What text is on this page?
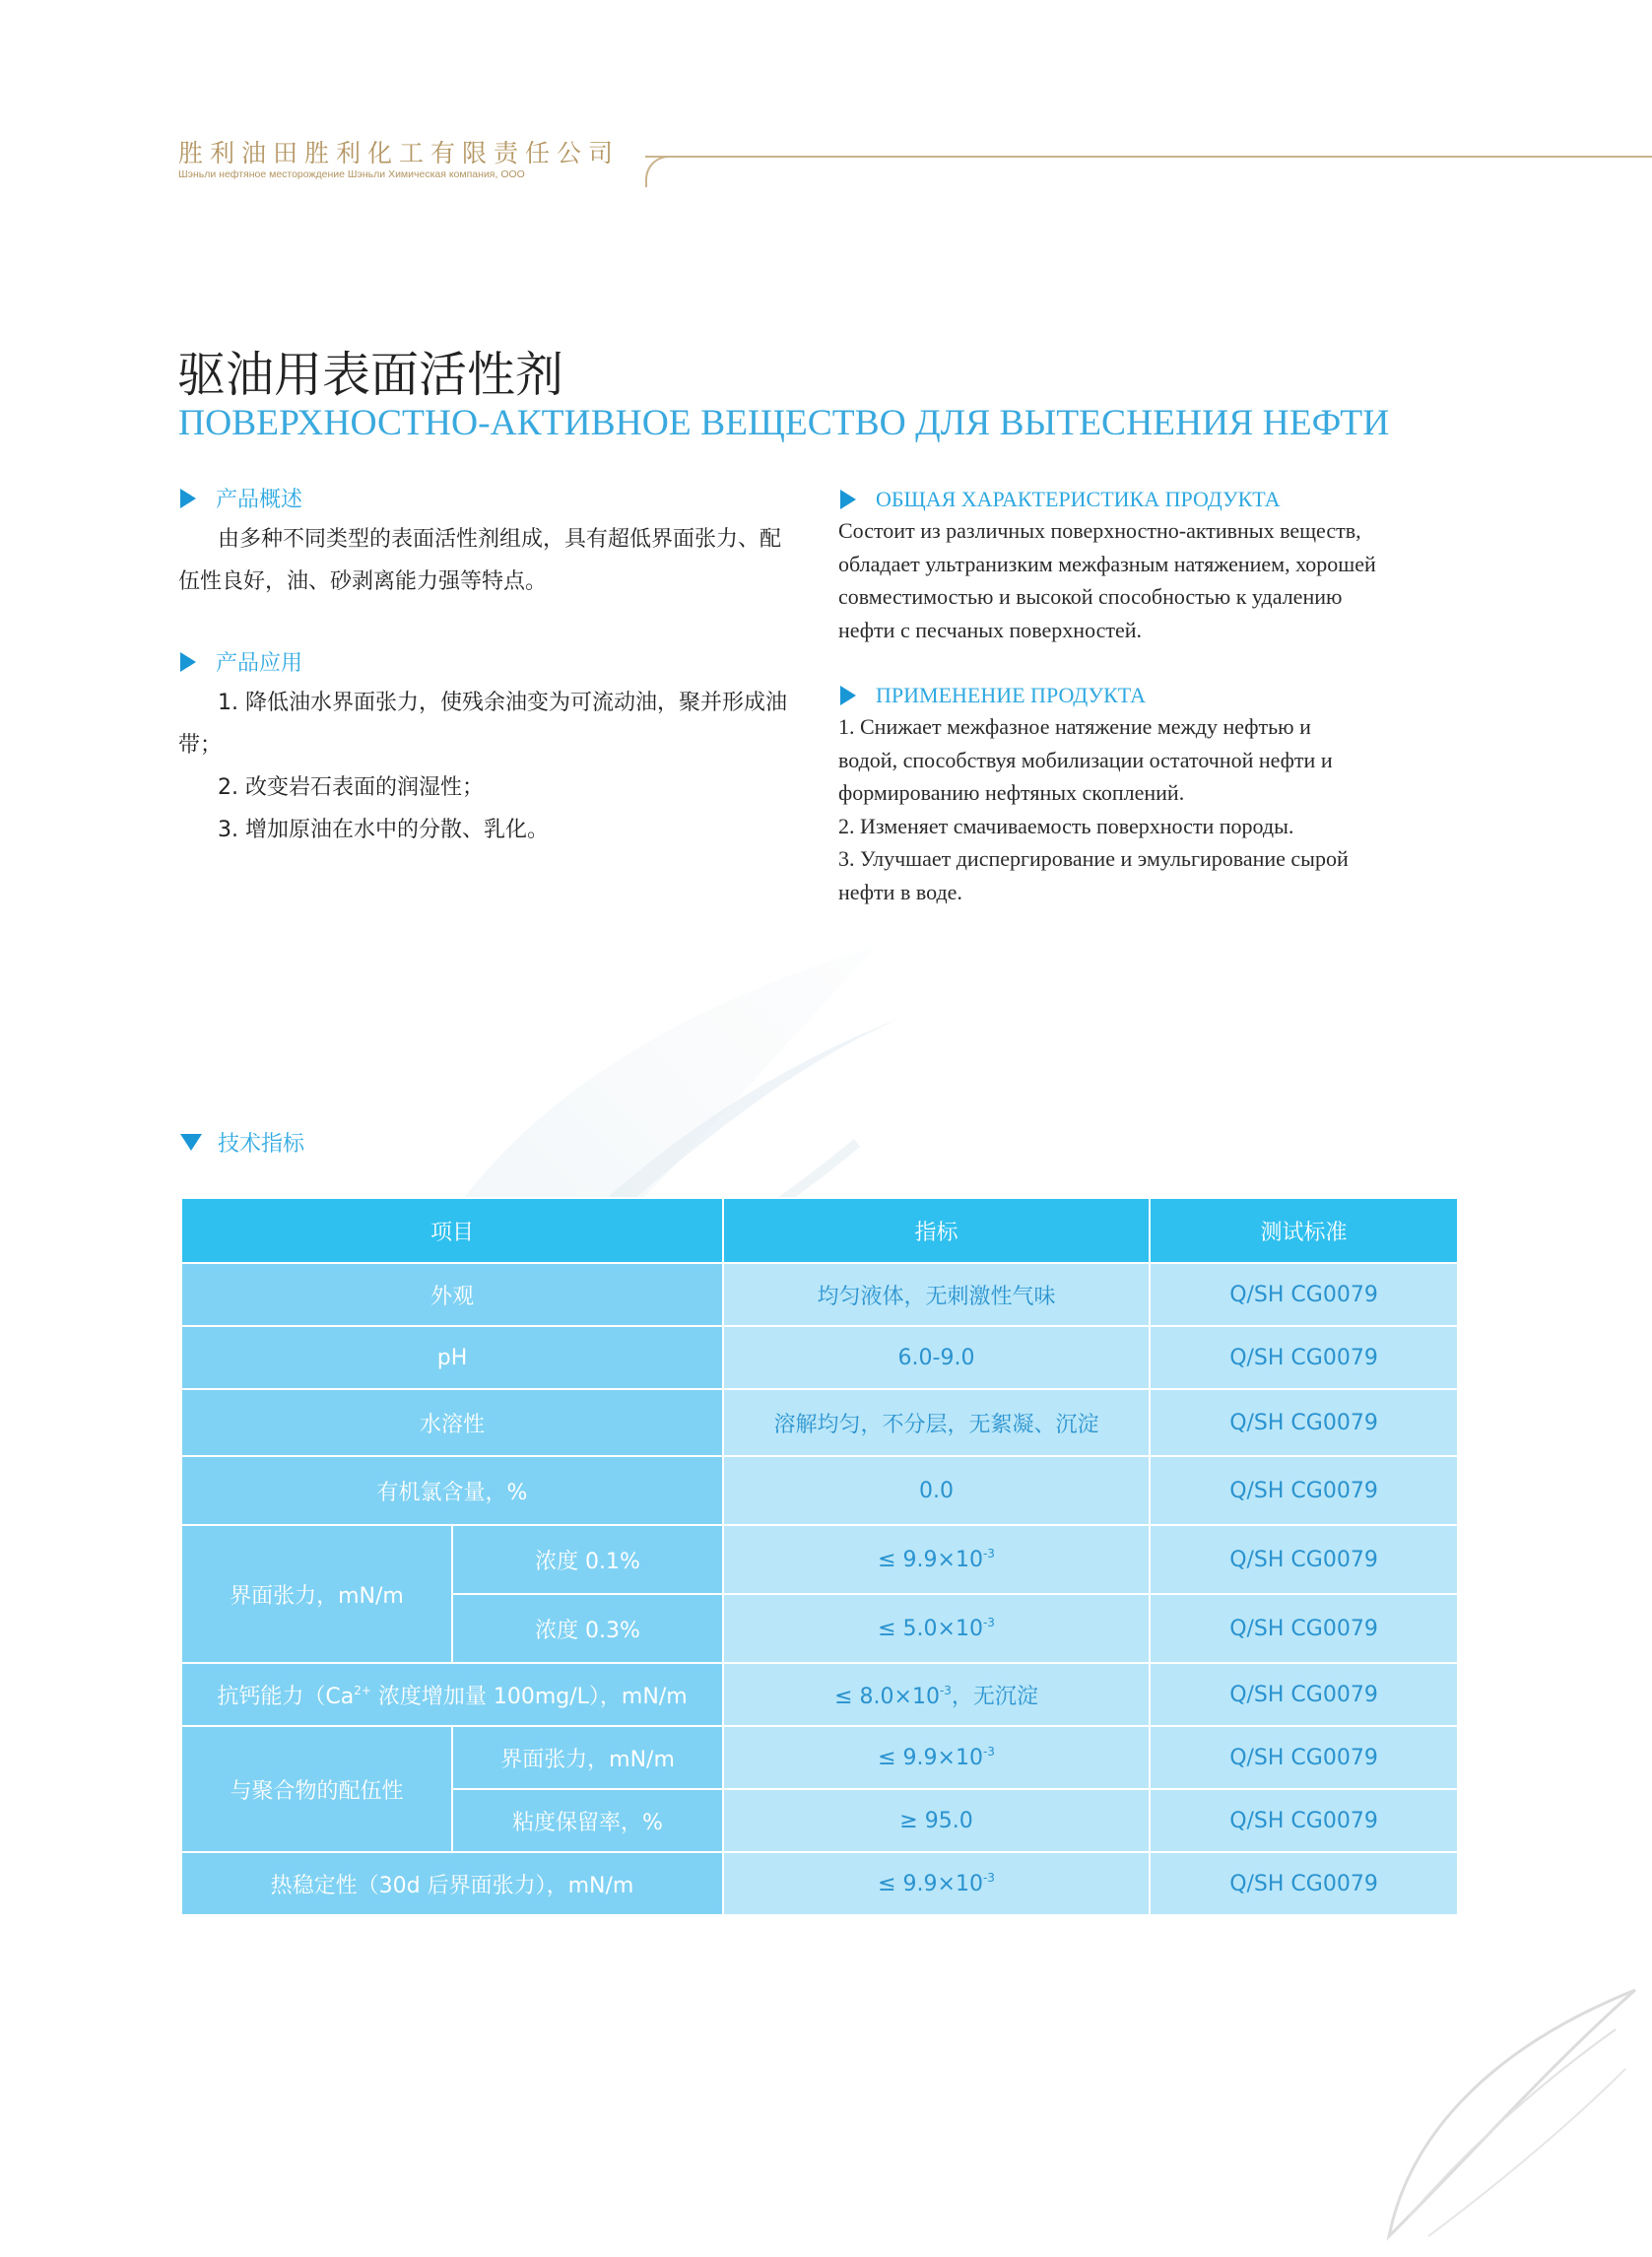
胜利油田胜利化工有限责任公司
Шэньли нефтяное месторождение Шэньли Химическая компания, ООО
驱油用表面活性剂
ПОВЕРХНОСТНО-АКТИВНОЕ ВЕЩЕСТВО ДЛЯ ВЫТЕСНЕНИЯ НЕФТИ
产品概述
由多种不同类型的表面活性剂组成，具有超低界面张力、配伍性良好，油、砂剥离能力强等特点。
产品应用

1. 降低油水界面张力，使残余油变为可流动油，聚并形成油带；

2. 改变岩石表面的润湿性；

3. 增加原油在水中的分散、乳化。

ОБЩАЯ ХАРАКТЕРИСТИКА ПРОДУКТА

Состоит из различных поверхностно-активных веществ,

обладает ультранизким межфазным натяжением, хорошей

совместимостью и высокой способностью к удалению

нефти с песчаных поверхностей.

ПРИМЕНЕНИЕ ПРОДУКТА

1. Снижает межфазное натяжение между нефтью и

водой, способствуя мобилизации остаточной нефти и

формированию нефтяных скоплений.

2. Изменяет смачиваемость поверхности породы.

3. Улучшает диспергирование и эмульгирование сырой

нефти в воде.

技术指标
项目		指标	测试标准
外观		均匀液体，无刺激性气味	Q/SH CG0079
pH		6.0-9.0	Q/SH CG0079
水溶性		溶解均匀，不分层，无絮凝、沉淀	Q/SH CG0079
有机氯含量，%		0.0	Q/SH CG0079
界面张力，mN/m	浓度 0.1%	≤ $9.9\times 10^{-3}$	Q/SH CG0079
	浓度 0.3%	≤ $5.0\times 10^{-3}$	Q/SH CG0079
抗钙能力（$Ca^{2+}$ 浓度增加量 100mg/L），mN/m		≤ $8.0\times 10^{-3}$，无沉淀	Q/SH CG0079
与聚合物的配伍性	界面张力，mN/m	≤ $9.9\times 10^{-3}$	Q/SH CG0079
	粘度保留率，%	≥ 95.0	Q/SH CG0079
热稳定性（30d 后界面张力），mN/m		≤ $9.9\times 10^{-3}$	Q/SH CG0079
